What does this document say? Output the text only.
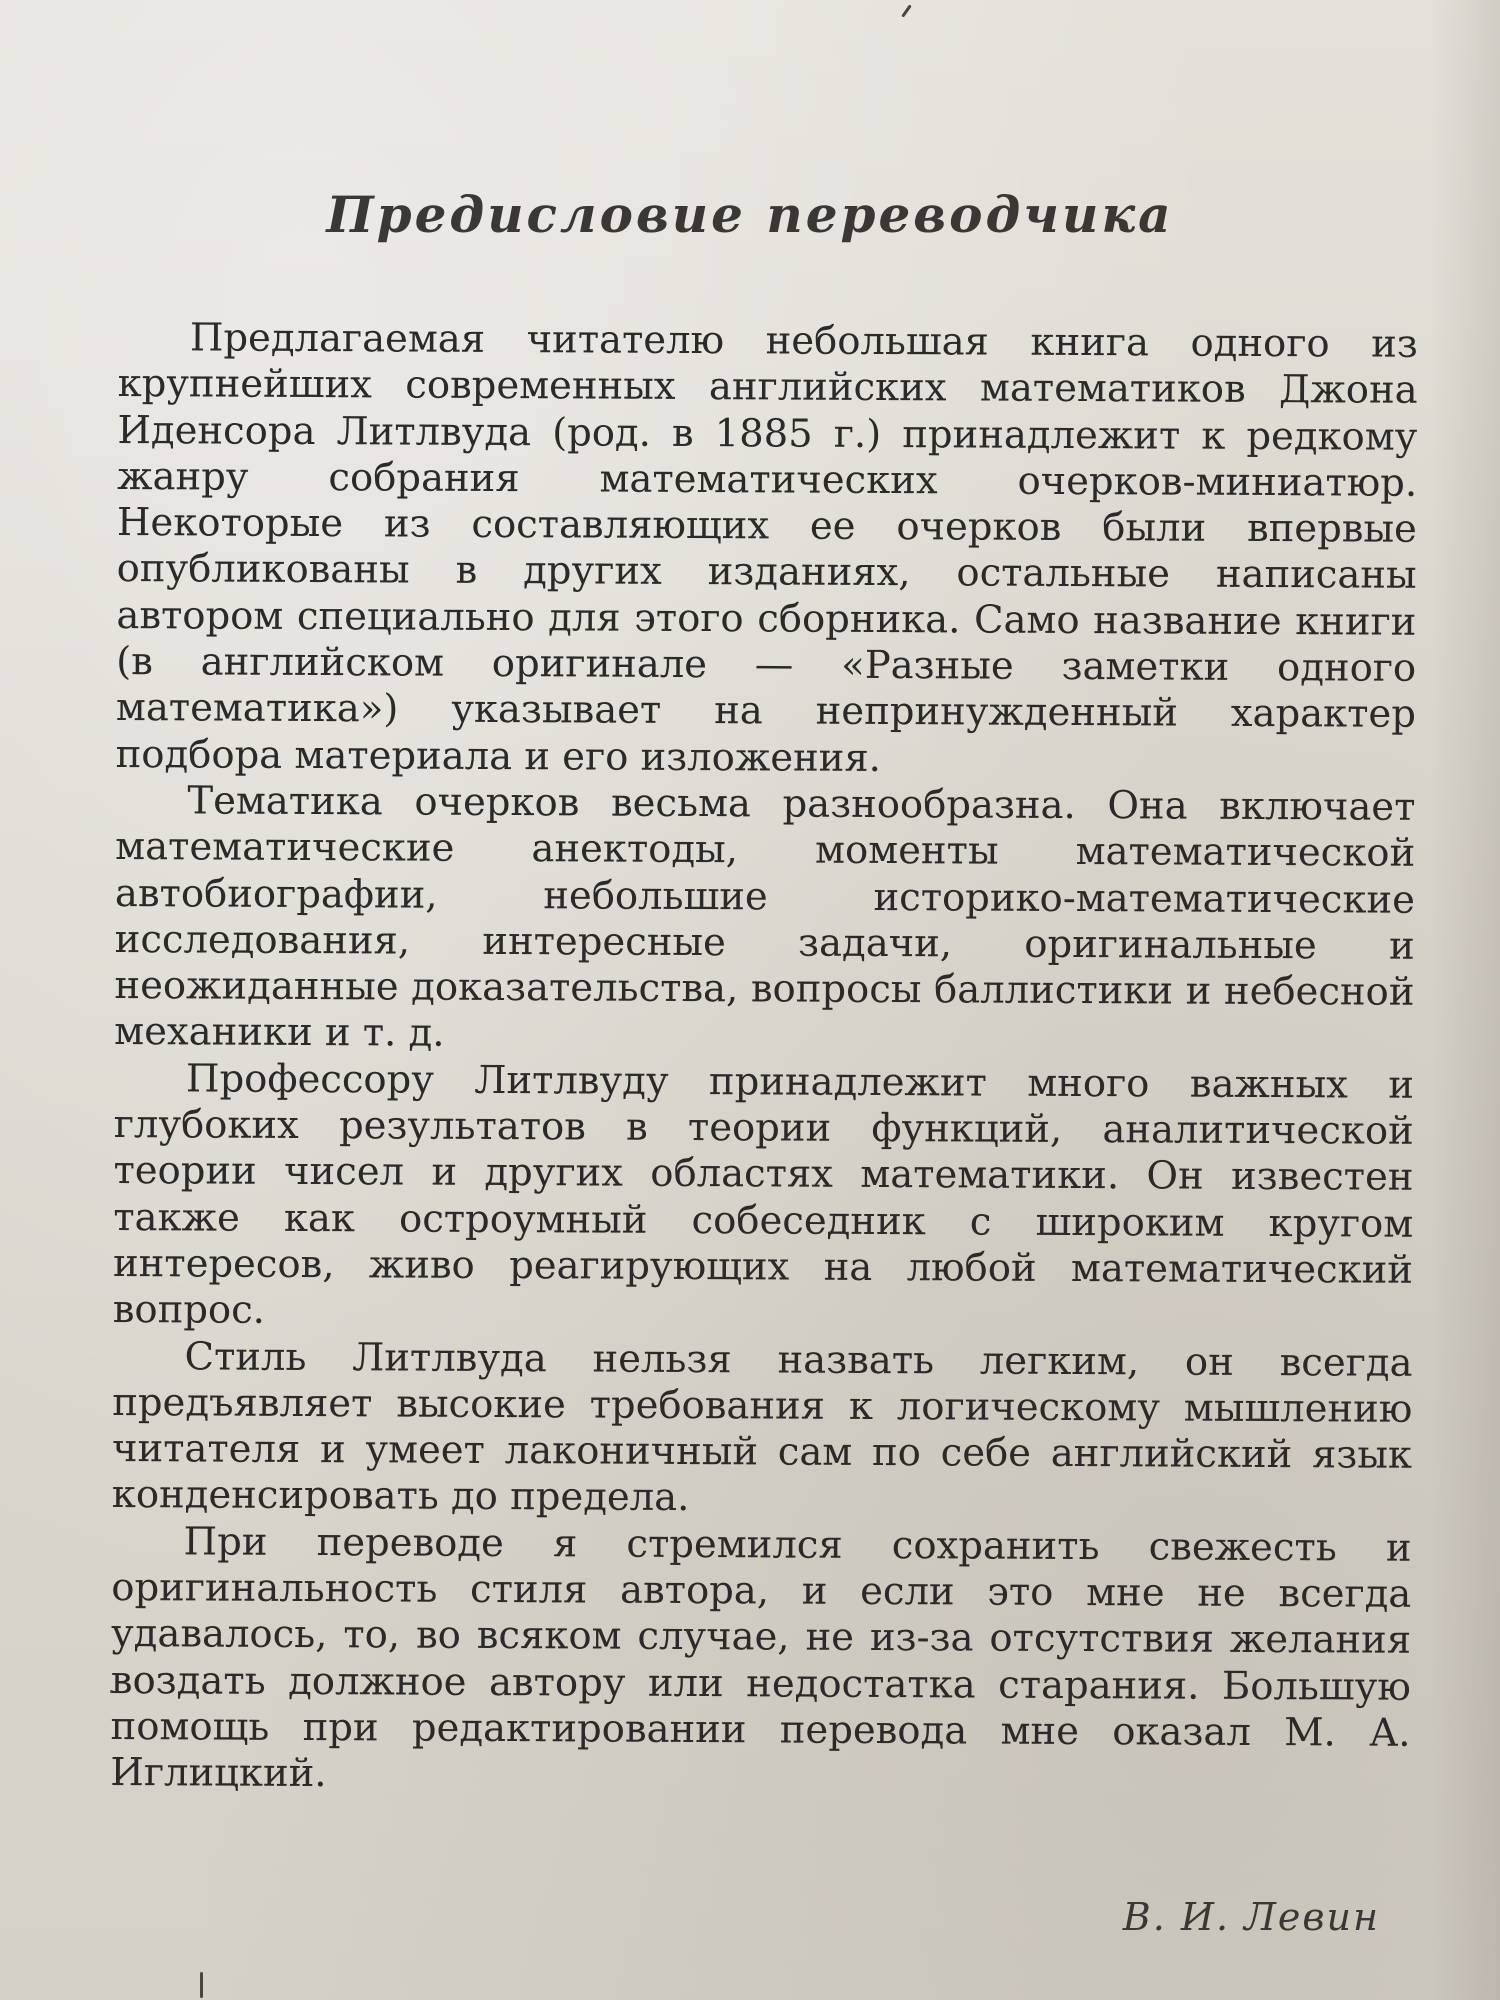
Предисловие переводчика

Предлагаемая читателю небольшая книга одного из крупнейших современных английских математиков Джона Иденсора Литлвуда (род. в 1885 г.) принадлежит к редкому жанру собрания математических очерков-миниатюр. Некоторые из составляющих ее очерков были впервые опубликованы в других изданиях, остальные написаны автором специально для этого сборника. Само название книги (в английском оригинале — «Разные заметки одного математика») указывает на непринужденный характер подбора материала и его изложения.

Тематика очерков весьма разнообразна. Она включает математические анектоды, моменты математической автобиографии, небольшие историко-математические исследования, интересные задачи, оригинальные и неожиданные доказательства, вопросы баллистики и небесной механики и т. д.

Профессору Литлвуду принадлежит много важных и глубоких результатов в теории функций, аналитической теории чисел и других областях математики. Он известен также как остроумный собеседник с широким кругом интересов, живо реагирующих на любой математический вопрос.

Стиль Литлвуда нельзя назвать легким, он всегда предъявляет высокие требования к логическому мышлению читателя и умеет лаконичный сам по себе английский язык конденсировать до предела.

При переводе я стремился сохранить свежесть и оригинальность стиля автора, и если это мне не всегда удавалось, то, во всяком случае, не из-за отсутствия желания воздать должное автору или недостатка старания. Большую помощь при редактировании перевода мне оказал М. А. Иглицкий.

В. И. Левин
